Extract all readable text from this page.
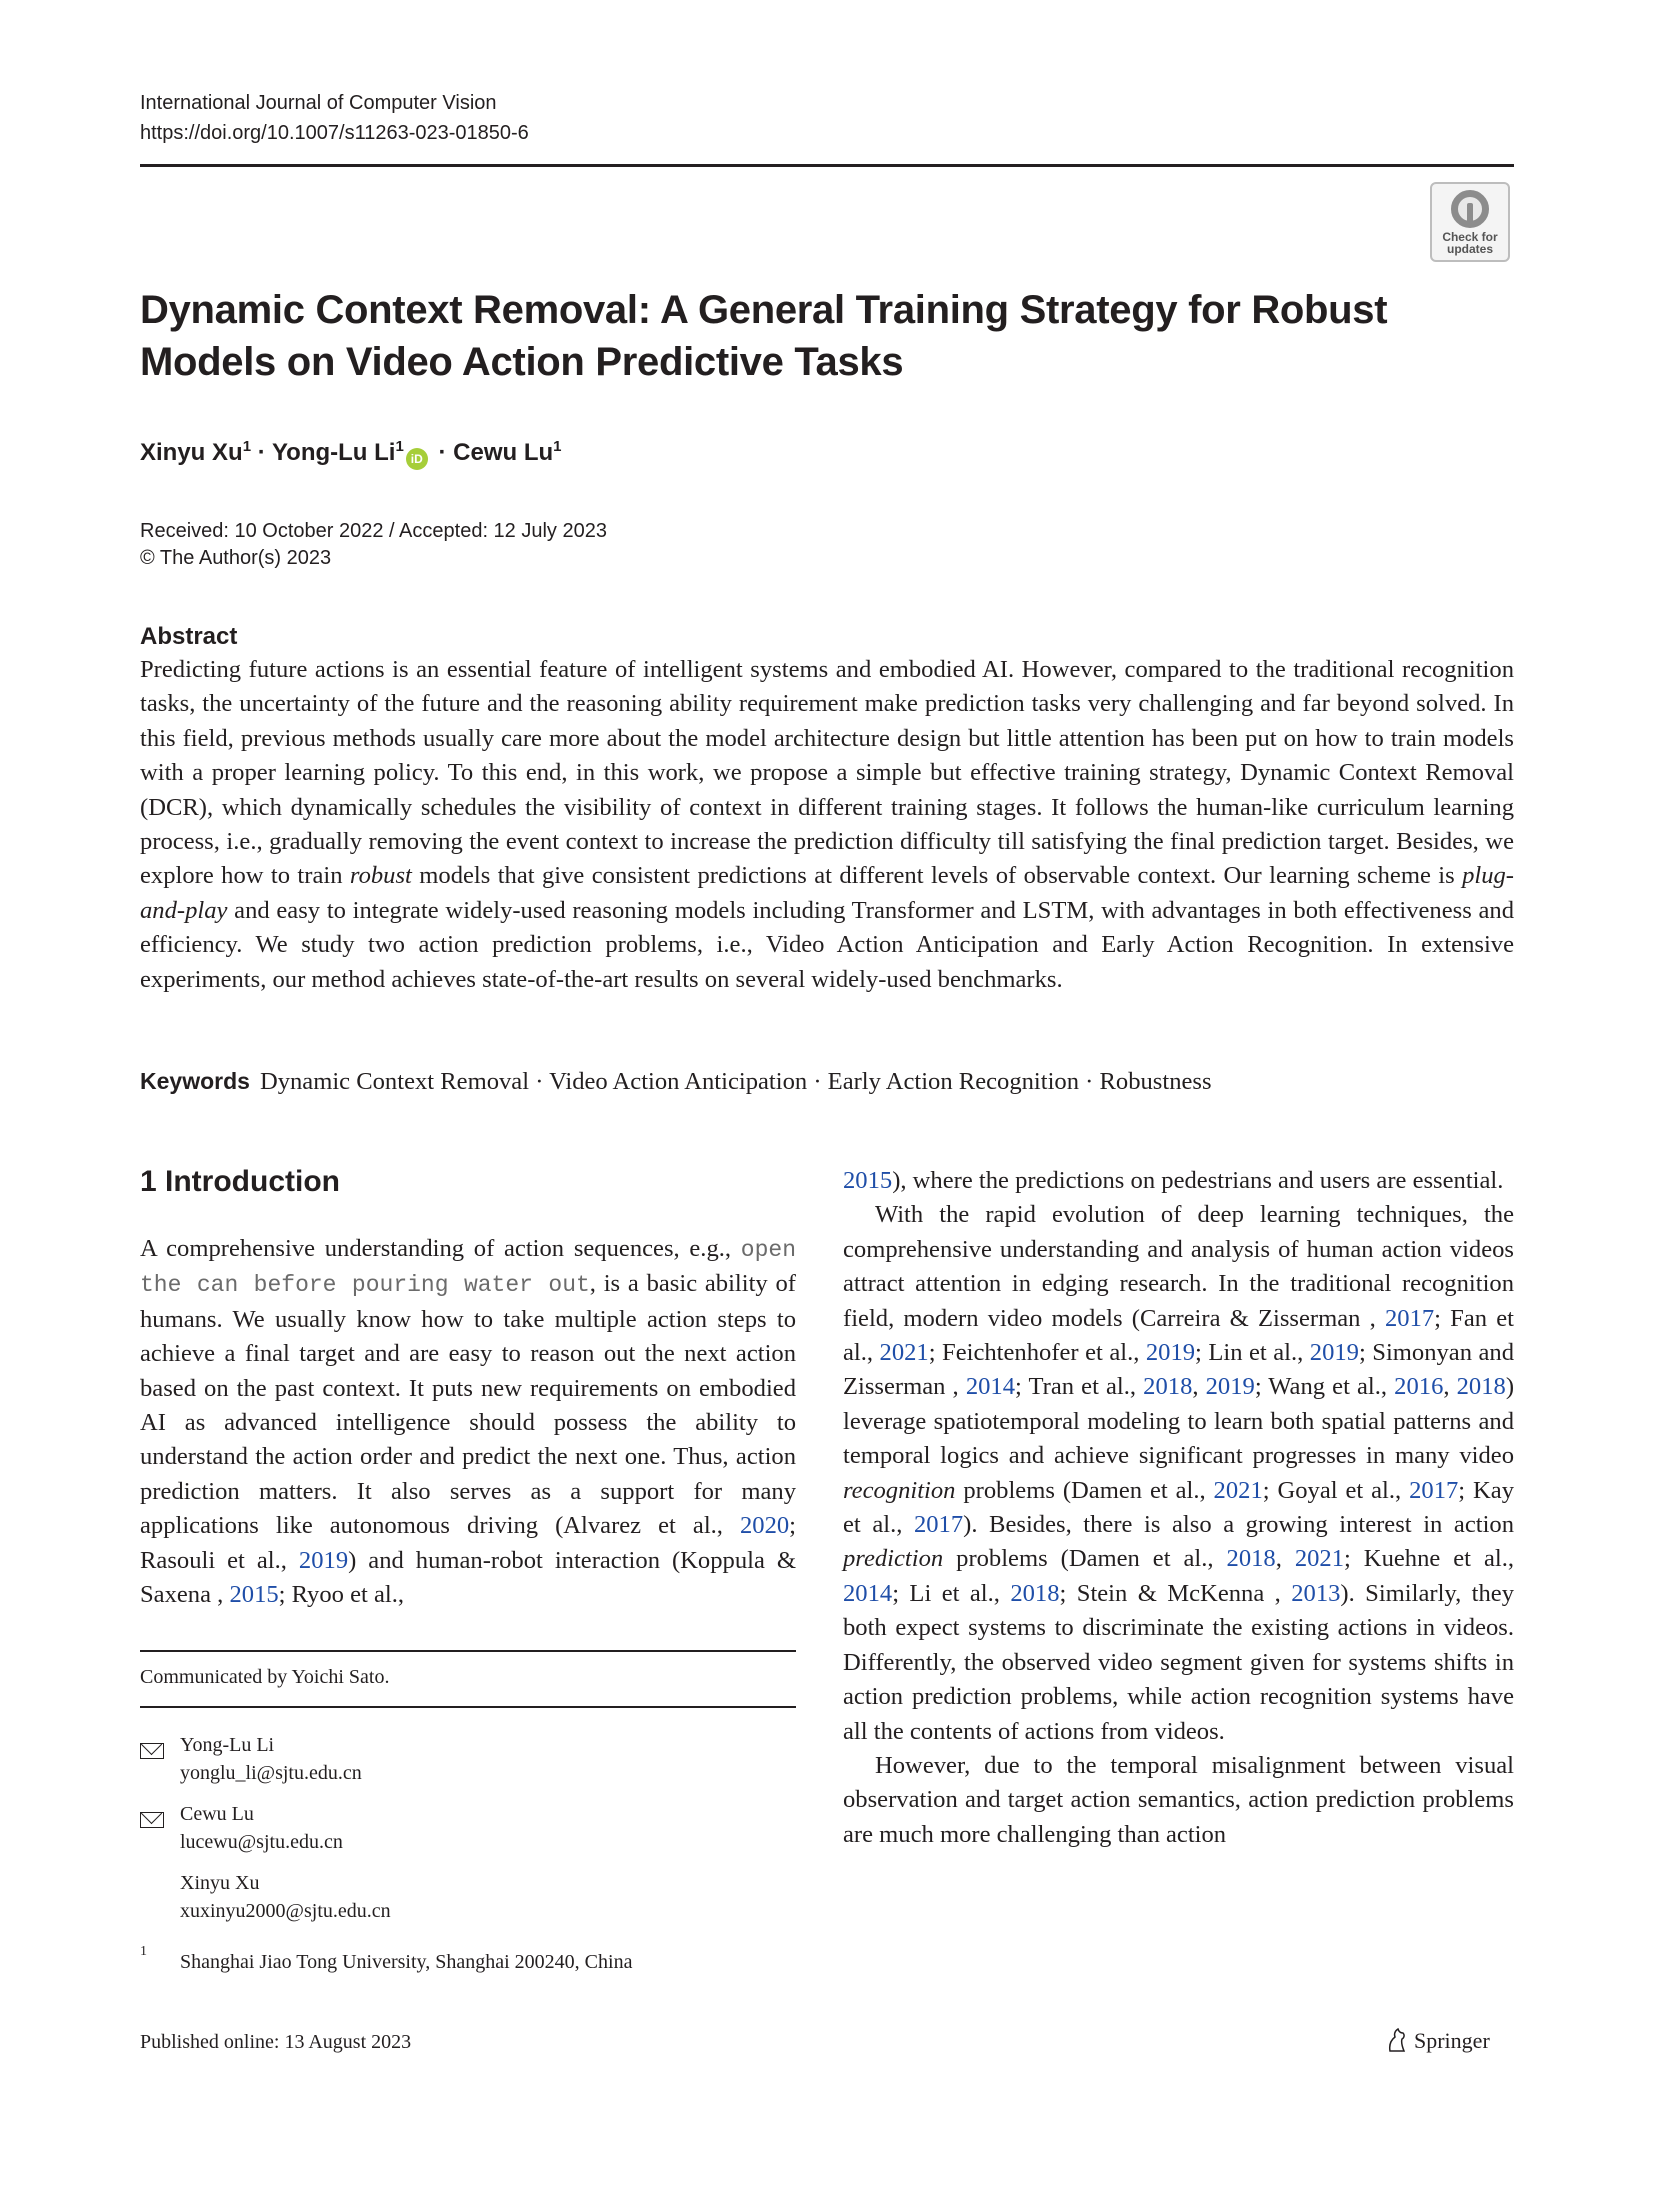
International Journal of Computer Vision
https://doi.org/10.1007/s11263-023-01850-6
Check for updates
Dynamic Context Removal: A General Training Strategy for Robust Models on Video Action Predictive Tasks
Xinyu $Xu^1$ · Yong-Lu $Li^1iD$ · Cewu Lu$^1$
Received: 10 October 2022 / Accepted: 12 July 2023
© The Author(s) 2023
Abstract

Predicting future actions is an essential feature of intelligent systems and embodied AI. However, compared to the traditional recognition tasks, the uncertainty of the future and the reasoning ability requirement make prediction tasks very challenging and far beyond solved. In this field, previous methods usually care more about the model architecture design but little attention has been put on how to train models with a proper learning policy. To this end, in this work, we propose a simple but effective training strategy, Dynamic Context Removal (DCR), which dynamically schedules the visibility of context in different training stages. It follows the human-like curriculum learning process, i.e., gradually removing the event context to increase the prediction difficulty till satisfying the final prediction target. Besides, we explore how to train robust models that give consistent predictions at different levels of observable context. Our learning scheme is plug-and-play and easy to integrate widely-used reasoning models including Transformer and LSTM, with advantages in both effectiveness and efficiency. We study two action prediction problems, i.e., Video Action Anticipation and Early Action Recognition. In extensive experiments, our method achieves state-of-the-art results on several widely-used benchmarks.

Keywords Dynamic Context Removal · Video Action Anticipation · Early Action Recognition · Robustness
1 Introduction

A comprehensive understanding of action sequences, e.g., open the can before pouring water out, is a basic ability of humans. We usually know how to take multiple action steps to achieve a final target and are easy to reason out the next action based on the past context. It puts new requirements on embodied AI as advanced intelligence should possess the ability to understand the action order and predict the next one. Thus, action prediction matters. It also serves as a support for many applications like autonomous driving (Alvarez et al., 2020; Rasouli et al., 2019) and human-robot interaction (Koppula & Saxena , 2015; Ryoo et al.,

2015), where the predictions on pedestrians and users are essential.

With the rapid evolution of deep learning techniques, the comprehensive understanding and analysis of human action videos attract attention in edging research. In the traditional recognition field, modern video models (Carreira & Zisserman , 2017; Fan et al., 2021; Feichtenhofer et al., 2019; Lin et al., 2019; Simonyan and Zisserman , 2014; Tran et al., 2018, 2019; Wang et al., 2016, 2018) leverage spatiotemporal modeling to learn both spatial patterns and temporal logics and achieve significant progresses in many video recognition problems (Damen et al., 2021; Goyal et al., 2017; Kay et al., 2017). Besides, there is also a growing interest in action prediction problems (Damen et al., 2018, 2021; Kuehne et al., 2014; Li et al., 2018; Stein & McKenna , 2013). Similarly, they both expect systems to discriminate the existing actions in videos. Differently, the observed video segment given for systems shifts in action prediction problems, while action recognition systems have all the contents of actions from videos.

However, due to the temporal misalignment between visual observation and target action semantics, action prediction problems are much more challenging than action

Communicated by Yoichi Sato.
Yong-Lu Li
yonglu_li@sjtu.edu.cn
Cewu Lu
lucewu@sjtu.edu.cn
Xinyu Xu
xuxinyu2000@sjtu.edu.cn
1 Shanghai Jiao Tong University, Shanghai 200240, China
Published online: 13 August 2023	Springer
